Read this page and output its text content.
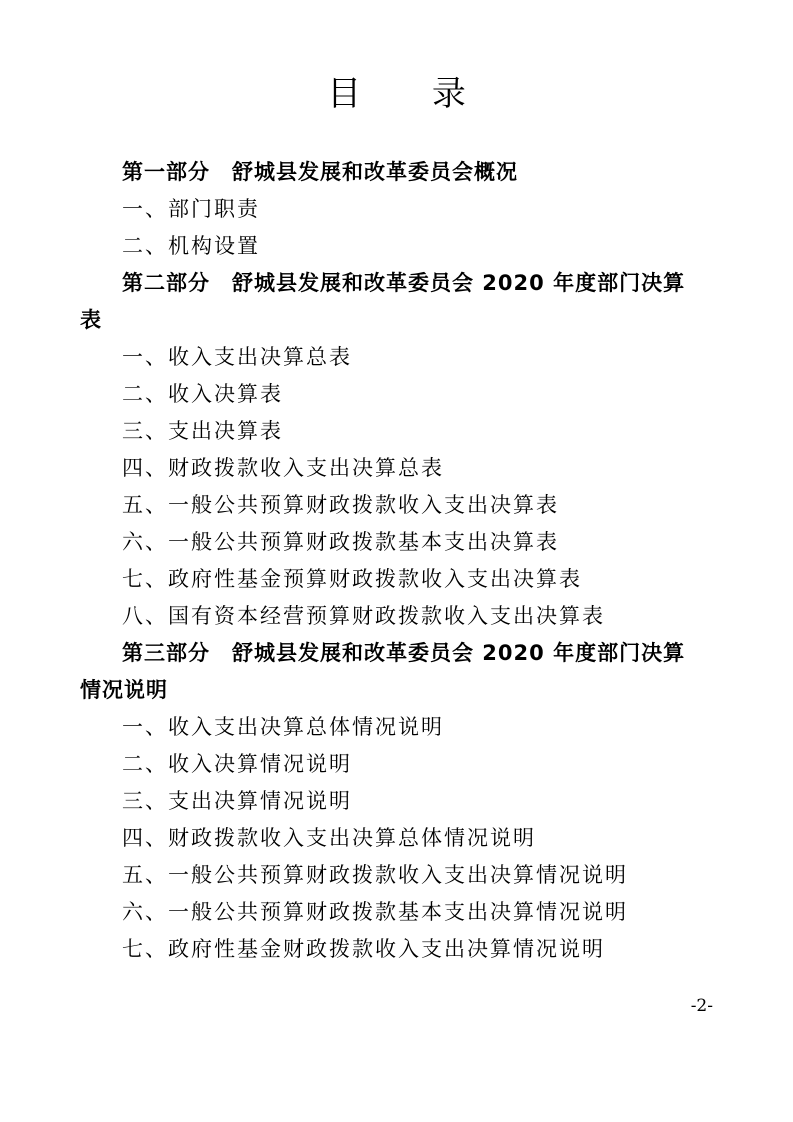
目 录
第一部分　舒城县发展和改革委员会概况
一、部门职责
二、机构设置
第二部分　舒城县发展和改革委员会 2020 年度部门决算
表
一、收入支出决算总表
二、收入决算表
三、支出决算表
四、财政拨款收入支出决算总表
五、一般公共预算财政拨款收入支出决算表
六、一般公共预算财政拨款基本支出决算表
七、政府性基金预算财政拨款收入支出决算表
八、国有资本经营预算财政拨款收入支出决算表
第三部分　舒城县发展和改革委员会 2020 年度部门决算
情况说明
一、收入支出决算总体情况说明
二、收入决算情况说明
三、支出决算情况说明
四、财政拨款收入支出决算总体情况说明
五、一般公共预算财政拨款收入支出决算情况说明
六、一般公共预算财政拨款基本支出决算情况说明
七、政府性基金财政拨款收入支出决算情况说明
-2-
